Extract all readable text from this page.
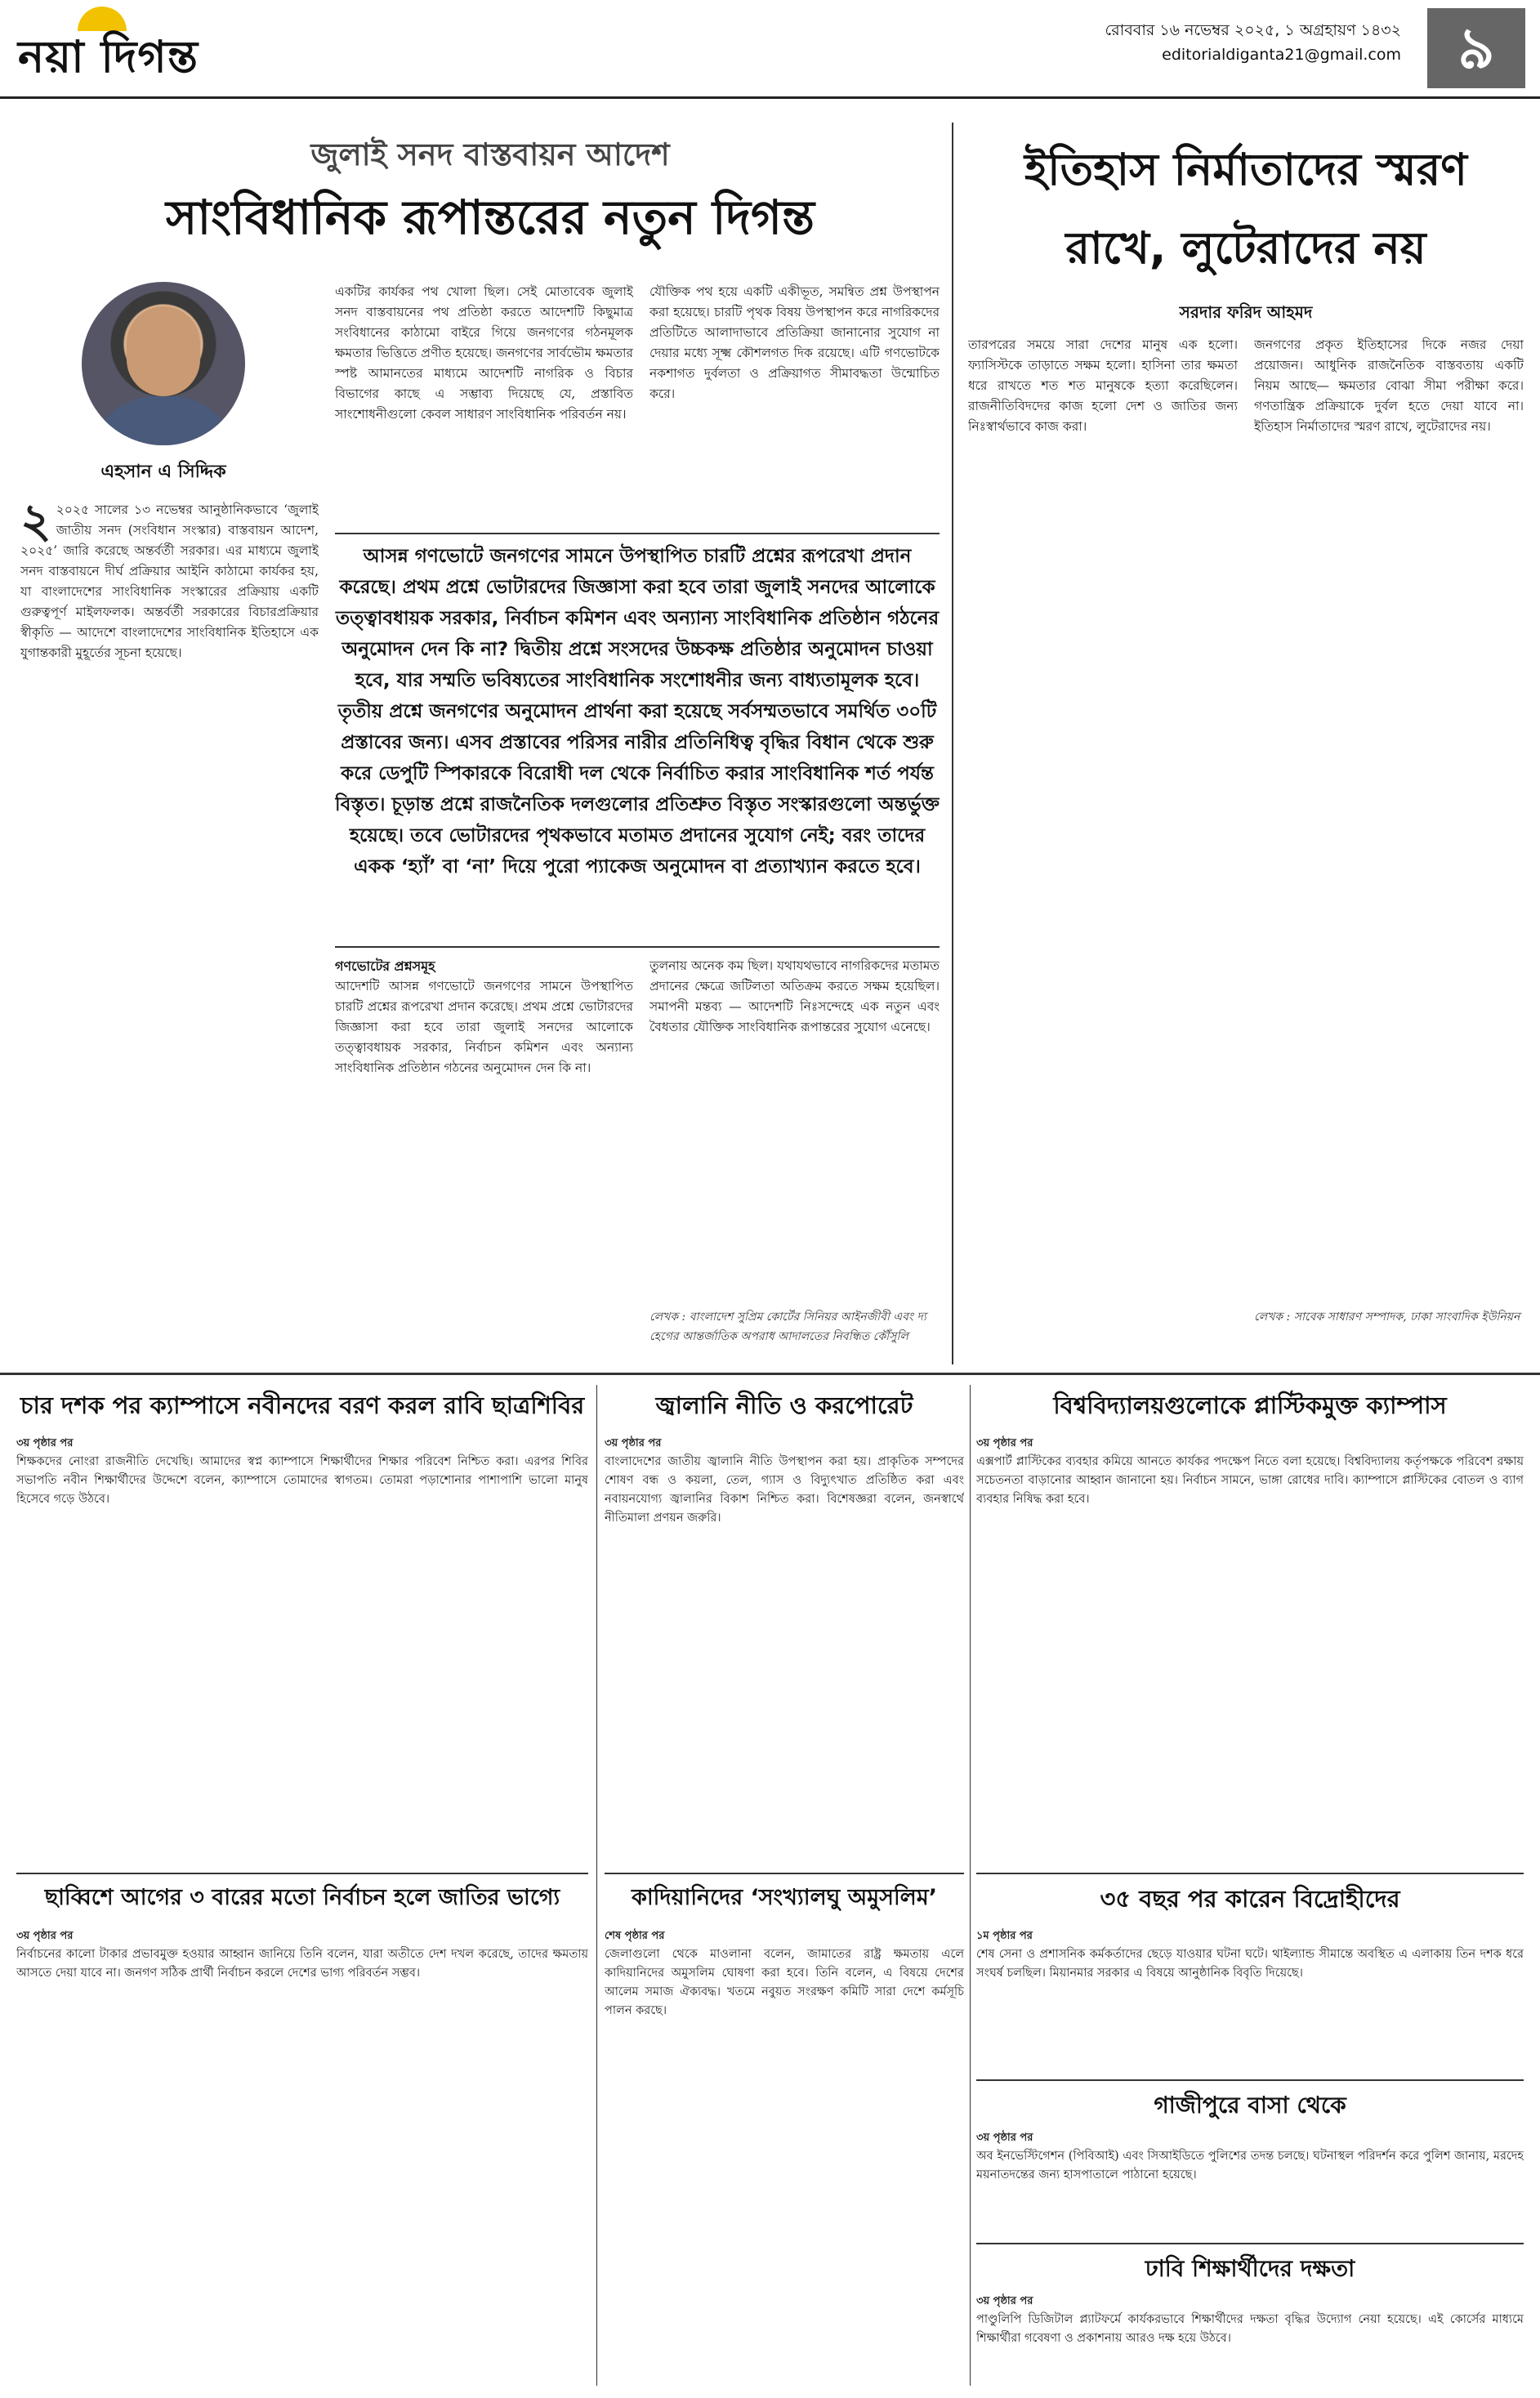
নয়া দিগন্ত
রোববার ১৬ নভেম্বর ২০২৫, ১ অগ্রহায়ণ ১৪৩২
editorialdiganta21@gmail.com ৯
জুলাই সনদ বাস্তবায়ন আদেশ
সাংবিধানিক রূপান্তরের নতুন দিগন্ত
এহসান এ সিদ্দিক
২ ২০২৫ সালের ১৩ নভেম্বর আনুষ্ঠানিকভাবে ‘জুলাই জাতীয় সনদ (সংবিধান সংস্কার) বাস্তবায়ন আদেশ, ২০২৫’ জারি করেছে অন্তর্বর্তী সরকার। এর মাধ্যমে জুলাই সনদ বাস্তবায়নে দীর্ঘ প্রক্রিয়ার আইনি কাঠামো কার্যকর হয়, যা বাংলাদেশের সাংবিধানিক সংস্কারের প্রক্রিয়ায় একটি গুরুত্বপূর্ণ মাইলফলক। অন্তর্বর্তী সরকারের বিচারপ্রক্রিয়ার স্বীকৃতি — আদেশে বাংলাদেশের সাংবিধানিক ইতিহাসে এক যুগান্তকারী মুহূর্তের সূচনা হয়েছে।
একটির কার্যকর পথ খোলা ছিল। সেই মোতাবেক জুলাই সনদ বাস্তবায়নের পথ প্রতিষ্ঠা করতে আদেশটি কিছুমাত্র সংবিধানের কাঠামো বাইরে গিয়ে জনগণের গঠনমূলক ক্ষমতার ভিত্তিতে প্রণীত হয়েছে। জনগণের সার্বভৌম ক্ষমতার স্পষ্ট আমানতের মাধ্যমে আদেশটি নাগরিক ও বিচার বিভাগের কাছে এ সম্ভাব্য দিয়েছে যে, প্রস্তাবিত সাংশোধনীগুলো কেবল সাধারণ সাংবিধানিক পরিবর্তন নয়।
যৌক্তিক পথ হয়ে একটি একীভূত, সমন্বিত প্রশ্ন উপস্থাপন করা হয়েছে। চারটি পৃথক বিষয় উপস্থাপন করে নাগরিকদের প্রতিটিতে আলাদাভাবে প্রতিক্রিয়া জানানোর সুযোগ না দেয়ার মধ্যে সূক্ষ্ম কৌশলগত দিক রয়েছে। এটি গণভোটকে নকশাগত দুর্বলতা ও প্রক্রিয়াগত সীমাবদ্ধতা উন্মোচিত করে।
আসন্ন গণভোটে জনগণের সামনে উপস্থাপিত চারটি প্রশ্নের রূপরেখা প্রদান করেছে। প্রথম প্রশ্নে ভোটারদের জিজ্ঞাসা করা হবে তারা জুলাই সনদের আলোকে তত্ত্বাবধায়ক সরকার, নির্বাচন কমিশন এবং অন্যান্য সাংবিধানিক প্রতিষ্ঠান গঠনের অনুমোদন দেন কি না? দ্বিতীয় প্রশ্নে সংসদের উচ্চকক্ষ প্রতিষ্ঠার অনুমোদন চাওয়া হবে, যার সম্মতি ভবিষ্যতের সাংবিধানিক সংশোধনীর জন্য বাধ্যতামূলক হবে। তৃতীয় প্রশ্নে জনগণের অনুমোদন প্রার্থনা করা হয়েছে সর্বসম্মতভাবে সমর্থিত ৩০টি প্রস্তাবের জন্য। এসব প্রস্তাবের পরিসর নারীর প্রতিনিধিত্ব বৃদ্ধির বিধান থেকে শুরু করে ডেপুটি স্পিকারকে বিরোধী দল থেকে নির্বাচিত করার সাংবিধানিক শর্ত পর্যন্ত বিস্তৃত। চূড়ান্ত প্রশ্নে রাজনৈতিক দলগুলোর প্রতিশ্রুত বিস্তৃত সংস্কারগুলো অন্তর্ভুক্ত হয়েছে। তবে ভোটারদের পৃথকভাবে মতামত প্রদানের সুযোগ নেই; বরং তাদের একক ‘হ্যাঁ’ বা ‘না’ দিয়ে পুরো প্যাকেজ অনুমোদন বা প্রত্যাখ্যান করতে হবে।
গণভোটের প্রশ্নসমূহ
আদেশটি আসন্ন গণভোটে জনগণের সামনে উপস্থাপিত চারটি প্রশ্নের রূপরেখা প্রদান করেছে। প্রথম প্রশ্নে ভোটারদের জিজ্ঞাসা করা হবে তারা জুলাই সনদের আলোকে তত্ত্বাবধায়ক সরকার, নির্বাচন কমিশন এবং অন্যান্য সাংবিধানিক প্রতিষ্ঠান গঠনের অনুমোদন দেন কি না।
তুলনায় অনেক কম ছিল। যথাযথভাবে নাগরিকদের মতামত প্রদানের ক্ষেত্রে জটিলতা অতিক্রম করতে সক্ষম হয়েছিল। সমাপনী মন্তব্য — আদেশটি নিঃসন্দেহে এক নতুন এবং বৈধতার যৌক্তিক সাংবিধানিক রূপান্তরের সুযোগ এনেছে।
লেখক : বাংলাদেশ সুপ্রিম কোর্টের সিনিয়র আইনজীবী এবং দ্য হেগের আন্তর্জাতিক অপরাধ আদালতের নিবন্ধিত কৌঁসুলি
ইতিহাস নির্মাতাদের স্মরণ রাখে, লুটেরাদের নয়
সরদার ফরিদ আহমদ
তারপরের সময়ে সারা দেশের মানুষ এক হলো। ফ্যাসিস্টকে তাড়াতে সক্ষম হলো। হাসিনা তার ক্ষমতা ধরে রাখতে শত শত মানুষকে হত্যা করেছিলেন। রাজনীতিবিদদের কাজ হলো দেশ ও জাতির জন্য নিঃস্বার্থভাবে কাজ করা।
জনগণের প্রকৃত ইতিহাসের দিকে নজর দেয়া প্রয়োজন। আধুনিক রাজনৈতিক বাস্তবতায় একটি নিয়ম আছে— ক্ষমতার বোঝা সীমা পরীক্ষা করে। গণতান্ত্রিক প্রক্রিয়াকে দুর্বল হতে দেয়া যাবে না। ইতিহাস নির্মাতাদের স্মরণ রাখে, লুটেরাদের নয়।
লেখক : সাবেক সাধারণ সম্পাদক, ঢাকা সাংবাদিক ইউনিয়ন
চার দশক পর ক্যাম্পাসে নবীনদের বরণ করল রাবি ছাত্রশিবির
৩য় পৃষ্ঠার পর
শিক্ষকদের নোংরা রাজনীতি দেখেছি। আমাদের স্বপ্ন ক্যাম্পাসে শিক্ষার্থীদের শিক্ষার পরিবেশ নিশ্চিত করা। এরপর শিবির সভাপতি নবীন শিক্ষার্থীদের উদ্দেশে বলেন, ক্যাম্পাসে তোমাদের স্বাগতম। তোমরা পড়াশোনার পাশাপাশি ভালো মানুষ হিসেবে গড়ে উঠবে।
জ্বালানি নীতি ও করপোরেট
৩য় পৃষ্ঠার পর
বাংলাদেশের জাতীয় জ্বালানি নীতি উপস্থাপন করা হয়। প্রাকৃতিক সম্পদের শোষণ বন্ধ ও কয়লা, তেল, গ্যাস ও বিদ্যুৎখাত প্রতিষ্ঠিত করা এবং নবায়নযোগ্য জ্বালানির বিকাশ নিশ্চিত করা। বিশেষজ্ঞরা বলেন, জনস্বার্থে নীতিমালা প্রণয়ন জরুরি।
বিশ্ববিদ্যালয়গুলোকে প্লাস্টিকমুক্ত ক্যাম্পাস
৩য় পৃষ্ঠার পর
এক্সপার্ট প্লাস্টিকের ব্যবহার কমিয়ে আনতে কার্যকর পদক্ষেপ নিতে বলা হয়েছে। বিশ্ববিদ্যালয় কর্তৃপক্ষকে পরিবেশ রক্ষায় সচেতনতা বাড়ানোর আহ্বান জানানো হয়। নির্বাচন সামনে, ভাঙ্গা রোধের দাবি। ক্যাম্পাসে প্লাস্টিকের বোতল ও ব্যাগ ব্যবহার নিষিদ্ধ করা হবে।
ছাব্বিশে আগের ৩ বারের মতো নির্বাচন হলে জাতির ভাগ্যে
৩য় পৃষ্ঠার পর
নির্বাচনের কালো টাকার প্রভাবমুক্ত হওয়ার আহ্বান জানিয়ে তিনি বলেন, যারা অতীতে দেশ দখল করেছে, তাদের ক্ষমতায় আসতে দেয়া যাবে না। জনগণ সঠিক প্রার্থী নির্বাচন করলে দেশের ভাগ্য পরিবর্তন সম্ভব।
কাদিয়ানিদের ‘সংখ্যালঘু অমুসলিম’
শেষ পৃষ্ঠার পর
জেলাগুলো থেকে মাওলানা বলেন, জামাতের রাষ্ট্র ক্ষমতায় এলে কাদিয়ানিদের অমুসলিম ঘোষণা করা হবে। তিনি বলেন, এ বিষয়ে দেশের আলেম সমাজ ঐক্যবদ্ধ। খতমে নবুয়ত সংরক্ষণ কমিটি সারা দেশে কর্মসূচি পালন করছে।
৩৫ বছর পর কারেন বিদ্রোহীদের
১ম পৃষ্ঠার পর
শেষ সেনা ও প্রশাসনিক কর্মকর্তাদের ছেড়ে যাওয়ার ঘটনা ঘটে। থাইল্যান্ড সীমান্তে অবস্থিত এ এলাকায় তিন দশক ধরে সংঘর্ষ চলছিল। মিয়ানমার সরকার এ বিষয়ে আনুষ্ঠানিক বিবৃতি দিয়েছে।
গাজীপুরে বাসা থেকে
৩য় পৃষ্ঠার পর
অব ইনভেস্টিগেশন (পিবিআই) এবং সিআইডিতে পুলিশের তদন্ত চলছে। ঘটনাস্থল পরিদর্শন করে পুলিশ জানায়, মরদেহ ময়নাতদন্তের জন্য হাসপাতালে পাঠানো হয়েছে।
ঢাবি শিক্ষার্থীদের দক্ষতা
৩য় পৃষ্ঠার পর
পাণ্ডুলিপি ডিজিটাল প্ল্যাটফর্মে কার্যকরভাবে শিক্ষার্থীদের দক্ষতা বৃদ্ধির উদ্যোগ নেয়া হয়েছে। এই কোর্সের মাধ্যমে শিক্ষার্থীরা গবেষণা ও প্রকাশনায় আরও দক্ষ হয়ে উঠবে।
